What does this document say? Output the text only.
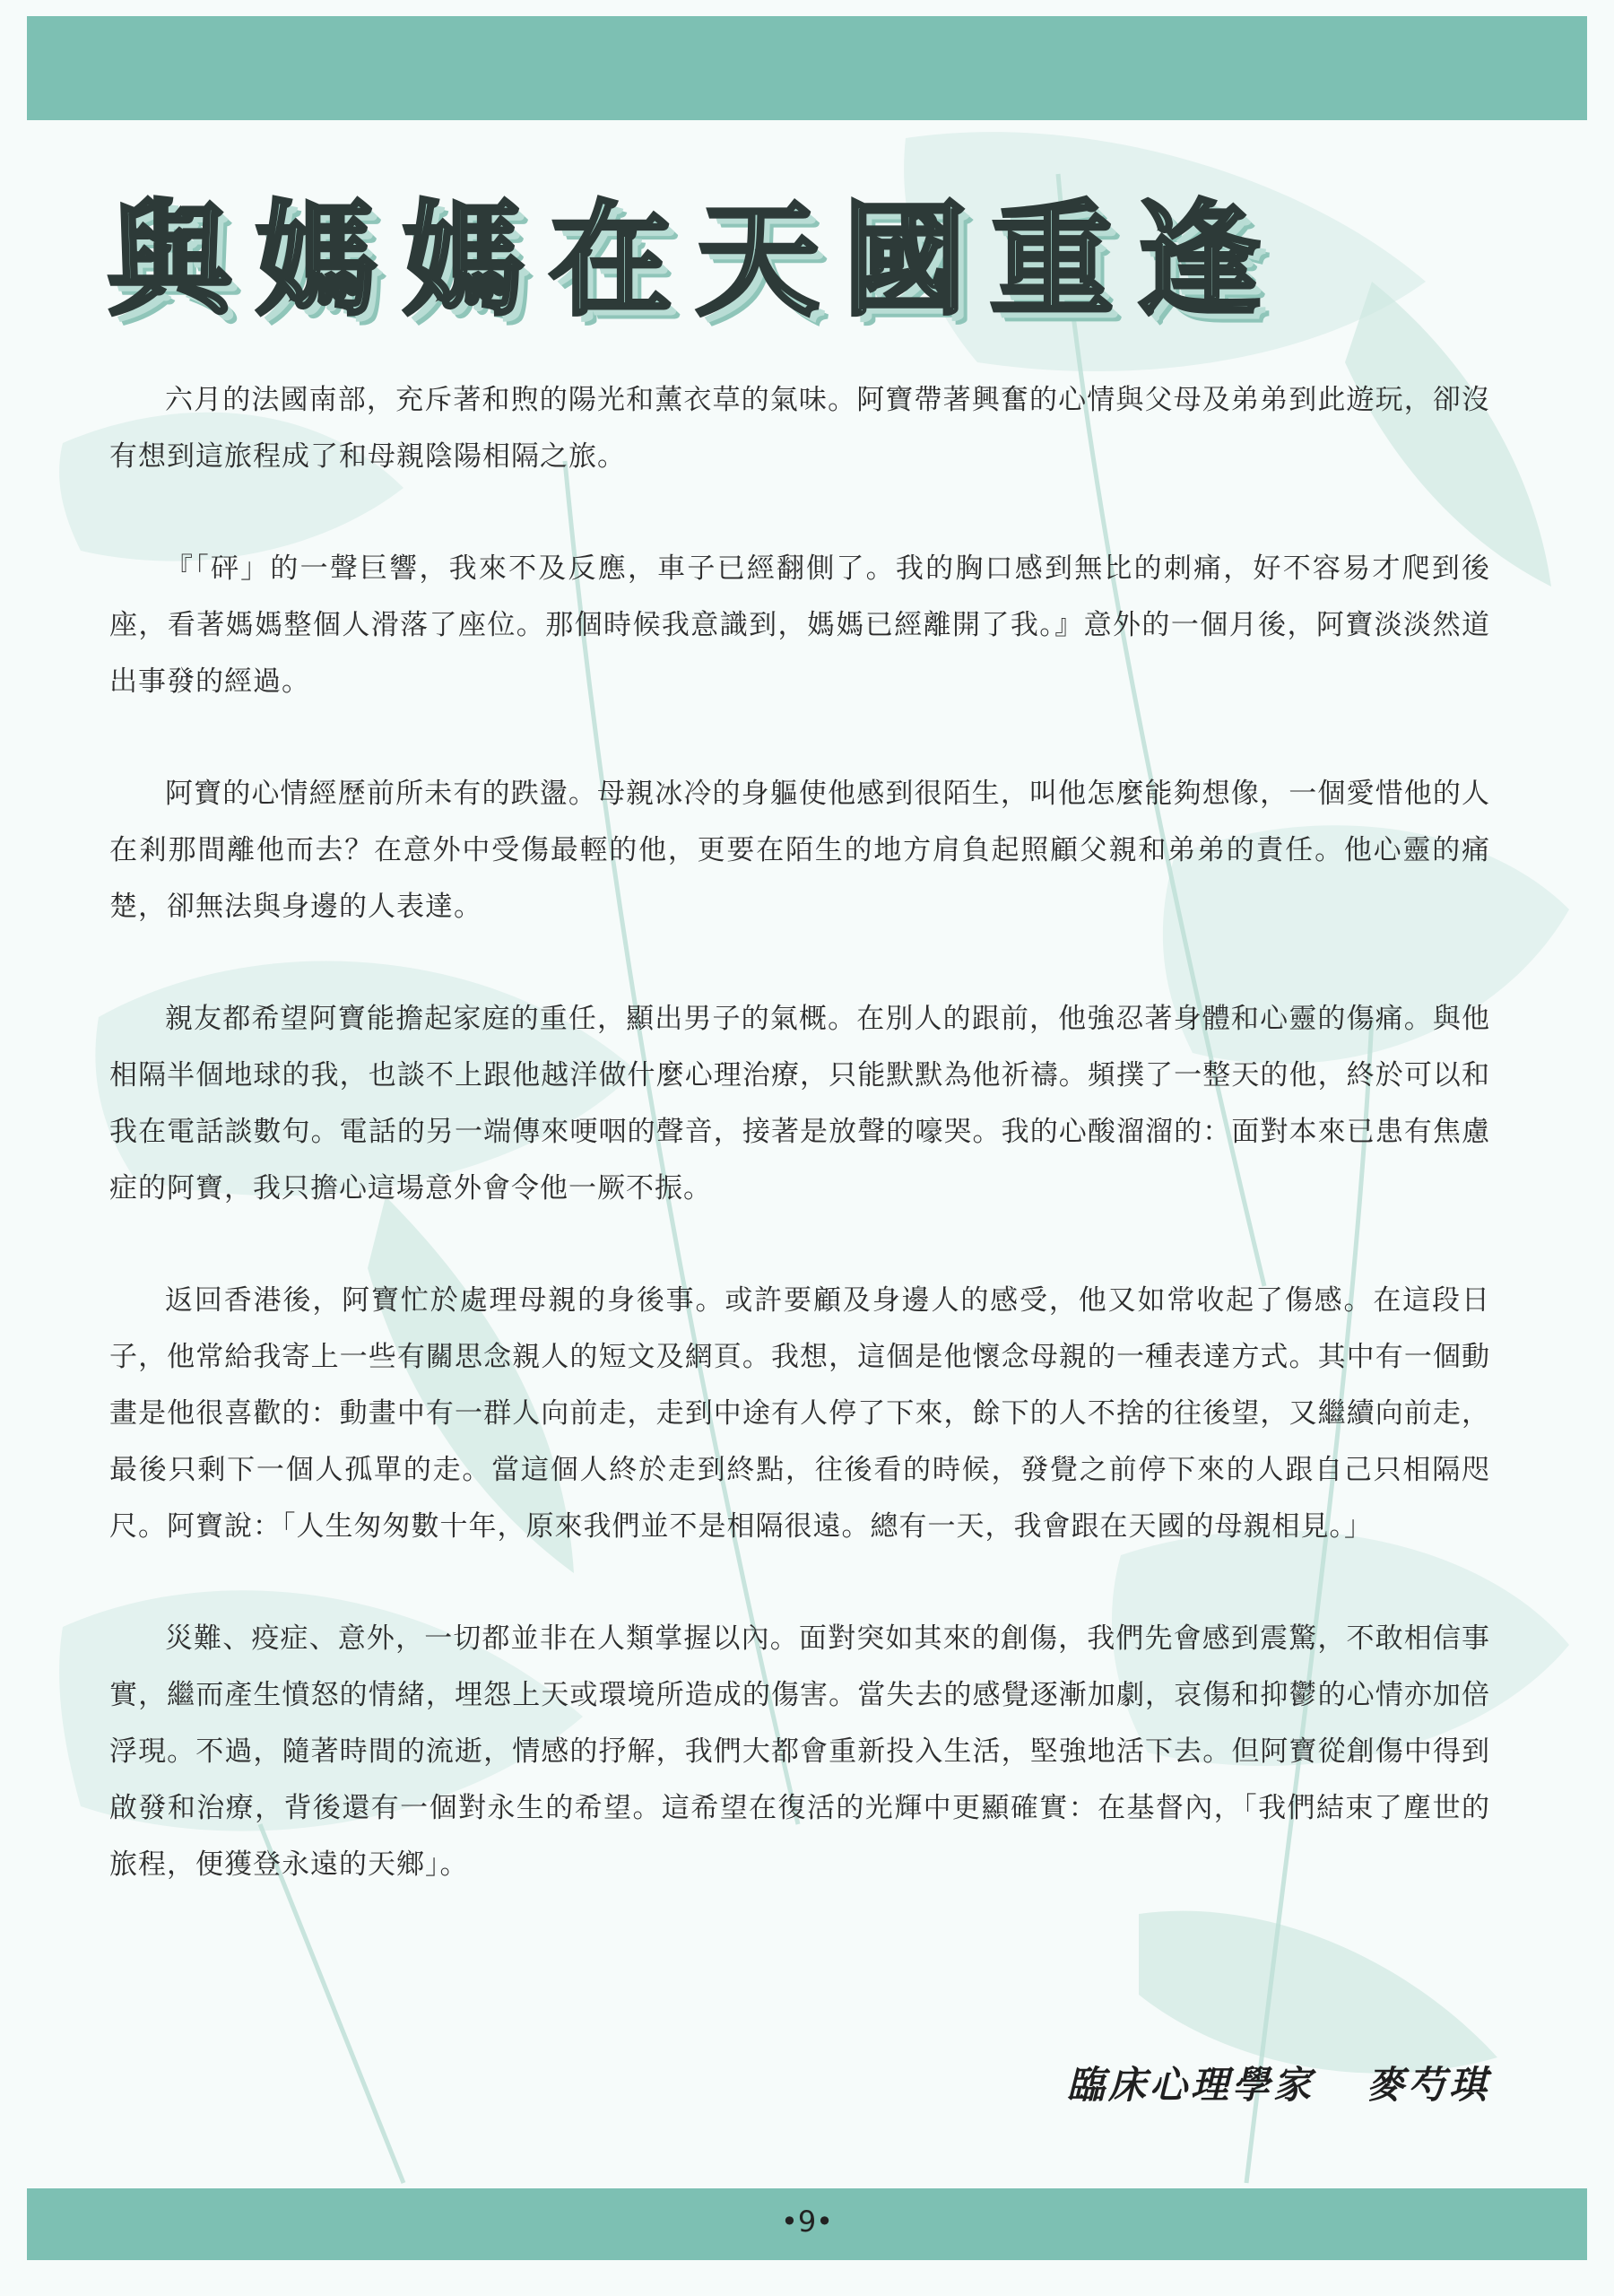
與媽媽在天國重逢

六月的法國南部，充斥著和煦的陽光和薰衣草的氣味。阿寶帶著興奮的心情與父母及弟弟到此遊玩，卻沒有想到這旅程成了和母親陰陽相隔之旅。

『「砰」的一聲巨響，我來不及反應，車子已經翻側了。我的胸口感到無比的刺痛，好不容易才爬到後座，看著媽媽整個人滑落了座位。那個時候我意識到，媽媽已經離開了我。』意外的一個月後，阿寶淡淡然道出事發的經過。

阿寶的心情經歷前所未有的跌盪。母親冰冷的身軀使他感到很陌生，叫他怎麼能夠想像，一個愛惜他的人在剎那間離他而去？在意外中受傷最輕的他，更要在陌生的地方肩負起照顧父親和弟弟的責任。他心靈的痛楚，卻無法與身邊的人表達。

親友都希望阿寶能擔起家庭的重任，顯出男子的氣概。在別人的跟前，他強忍著身體和心靈的傷痛。與他相隔半個地球的我，也談不上跟他越洋做什麼心理治療，只能默默為他祈禱。頻撲了一整天的他，終於可以和我在電話談數句。電話的另一端傳來哽咽的聲音，接著是放聲的嚎哭。我的心酸溜溜的：面對本來已患有焦慮症的阿寶，我只擔心這場意外會令他一厥不振。

返回香港後，阿寶忙於處理母親的身後事。或許要顧及身邊人的感受，他又如常收起了傷感。在這段日子，他常給我寄上一些有關思念親人的短文及網頁。我想，這個是他懷念母親的一種表達方式。其中有一個動畫是他很喜歡的：動畫中有一群人向前走，走到中途有人停了下來，餘下的人不捨的往後望，又繼續向前走，最後只剩下一個人孤單的走。當這個人終於走到終點，往後看的時候，發覺之前停下來的人跟自己只相隔咫尺。阿寶說：「人生匆匆數十年，原來我們並不是相隔很遠。總有一天，我會跟在天國的母親相見。」

災難、疫症、意外，一切都並非在人類掌握以內。面對突如其來的創傷，我們先會感到震驚，不敢相信事實，繼而產生憤怒的情緒，埋怨上天或環境所造成的傷害。當失去的感覺逐漸加劇，哀傷和抑鬱的心情亦加倍浮現。不過，隨著時間的流逝，情感的抒解，我們大都會重新投入生活，堅強地活下去。但阿寶從創傷中得到啟發和治療，背後還有一個對永生的希望。這希望在復活的光輝中更顯確實：在基督內，「我們結束了塵世的旅程，便獲登永遠的天鄉」。

臨床心理學家 麥芍琪
•9•
